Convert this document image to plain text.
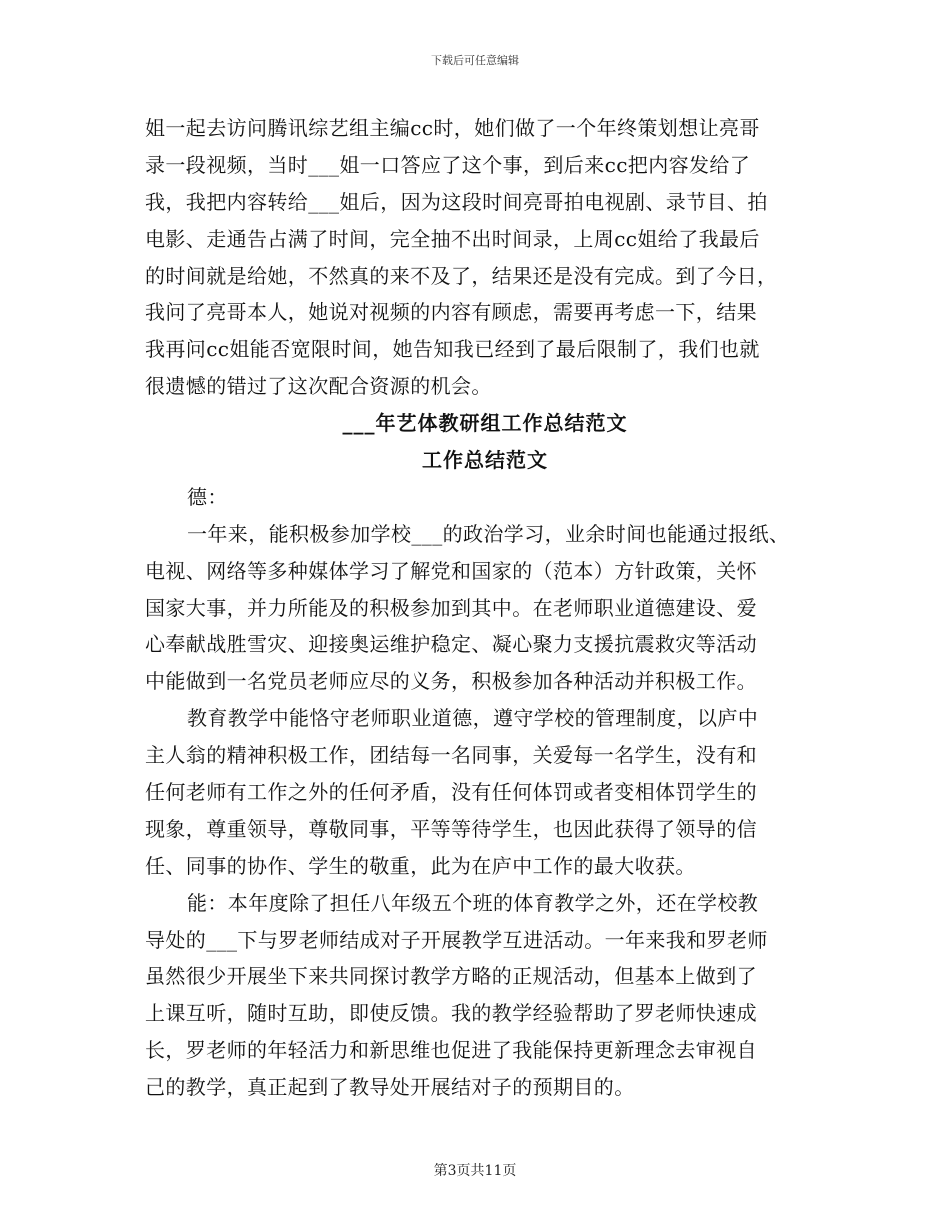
下载后可任意编辑
姐一起去访问腾讯综艺组主编cc时，她们做了一个年终策划想让亮哥
录一段视频，当时___姐一口答应了这个事，到后来cc把内容发给了
我，我把内容转给___姐后，因为这段时间亮哥拍电视剧、录节目、拍
电影、走通告占满了时间，完全抽不出时间录，上周cc姐给了我最后
的时间就是给她，不然真的来不及了，结果还是没有完成。到了今日，
我问了亮哥本人，她说对视频的内容有顾虑，需要再考虑一下，结果
我再问cc姐能否宽限时间，她告知我已经到了最后限制了，我们也就
很遗憾的错过了这次配合资源的机会。
___年艺体教研组工作总结范文
工作总结范文
德：
一年来，能积极参加学校___的政治学习，业余时间也能通过报纸、
电视、网络等多种媒体学习了解党和国家的（范本）方针政策，关怀
国家大事，并力所能及的积极参加到其中。在老师职业道德建设、爱
心奉献战胜雪灾、迎接奥运维护稳定、凝心聚力支援抗震救灾等活动
中能做到一名党员老师应尽的义务，积极参加各种活动并积极工作。
教育教学中能恪守老师职业道德，遵守学校的管理制度，以庐中
主人翁的精神积极工作，团结每一名同事，关爱每一名学生，没有和
任何老师有工作之外的任何矛盾，没有任何体罚或者变相体罚学生的
现象，尊重领导，尊敬同事，平等等待学生，也因此获得了领导的信
任、同事的协作、学生的敬重，此为在庐中工作的最大收获。
能：本年度除了担任八年级五个班的体育教学之外，还在学校教
导处的___下与罗老师结成对子开展教学互进活动。一年来我和罗老师
虽然很少开展坐下来共同探讨教学方略的正规活动，但基本上做到了
上课互听，随时互助，即使反馈。我的教学经验帮助了罗老师快速成
长，罗老师的年轻活力和新思维也促进了我能保持更新理念去审视自
己的教学，真正起到了教导处开展结对子的预期目的。
第3页共11页
